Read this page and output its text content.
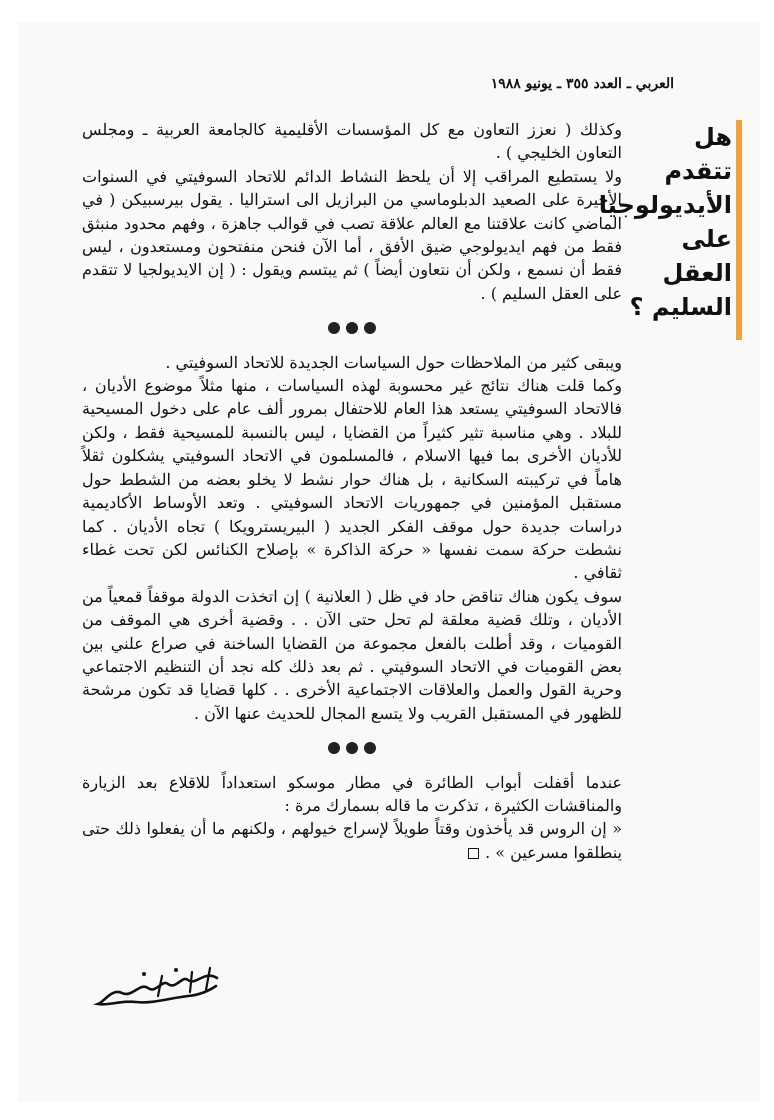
العربي ـ العدد ٣٥٥ ـ يونيو ١٩٨٨
هل
تتقدم
الأيديولوجيا
على
العقل
السليم ؟

وكذلك ( نعزز التعاون مع كل المؤسسات الأقليمية كالجامعة العربية ـ ومجلس التعاون الخليجي ) .

ولا يستطيع المراقب إلا أن يلحظ النشاط الدائم للاتحاد السوفيتي في السنوات الأخيرة على الصعيد الدبلوماسي من البرازيل الى استراليا . يقول بيرسبيكن ( في الماضي كانت علاقتنا مع العالم علاقة تصب في قوالب جاهزة ، وفهم محدود منبثق فقط من فهم ايديولوجي ضيق الأفق ، أما الآن فنحن منفتحون ومستعدون ، ليس فقط أن نسمع ، ولكن أن نتعاون أيضاً ) ثم يبتسم ويقول : ( إن الايديولجيا لا تتقدم على العقل السليم ) .

ويبقى كثير من الملاحظات حول السياسات الجديدة للاتحاد السوفيتي .

وكما قلت هناك نتائج غير محسوبة لهذه السياسات ، منها مثلاً موضوع الأديان ، فالاتحاد السوفيتي يستعد هذا العام للاحتفال بمرور ألف عام على دخول المسيحية للبلاد . وهي مناسبة تثير كثيراً من القضايا ، ليس بالنسبة للمسيحية فقط ، ولكن للأديان الأخرى بما فيها الاسلام ، فالمسلمون في الاتحاد السوفيتي يشكلون ثقلاً هاماً في تركيبته السكانية ، بل هناك حوار نشط لا يخلو بعضه من الشطط حول مستقبل المؤمنين في جمهوريات الاتحاد السوفيتي . وتعد الأوساط الأكاديمية دراسات جديدة حول موقف الفكر الجديد ( البيريسترويكا ) تجاه الأديان . كما نشطت حركة سمت نفسها « حركة الذاكرة » بإصلاح الكنائس لكن تحت غطاء ثقافي .

سوف يكون هناك تناقض حاد في ظل ( العلانية ) إن اتخذت الدولة موقفاً قمعياً من الأديان ، وتلك قضية معلقة لم تحل حتى الآن . . وقضية أخرى هي الموقف من القوميات ، وقد أطلت بالفعل مجموعة من القضايا الساخنة في صراع علني بين بعض القوميات في الاتحاد السوفيتي . ثم بعد ذلك كله نجد أن التنظيم الاجتماعي وحرية القول والعمل والعلاقات الاجتماعية الأخرى . . كلها قضايا قد تكون مرشحة للظهور في المستقبل القريب ولا يتسع المجال للحديث عنها الآن .

عندما أقفلت أبواب الطائرة في مطار موسكو استعداداً للاقلاع بعد الزيارة والمناقشات الكثيرة ، تذكرت ما قاله بسمارك مرة :

« إن الروس قد يأخذون وقتاً طويلاً لإسراج خيولهم ، ولكنهم ما أن يفعلوا ذلك حتى ينطلقوا مسرعين » .
